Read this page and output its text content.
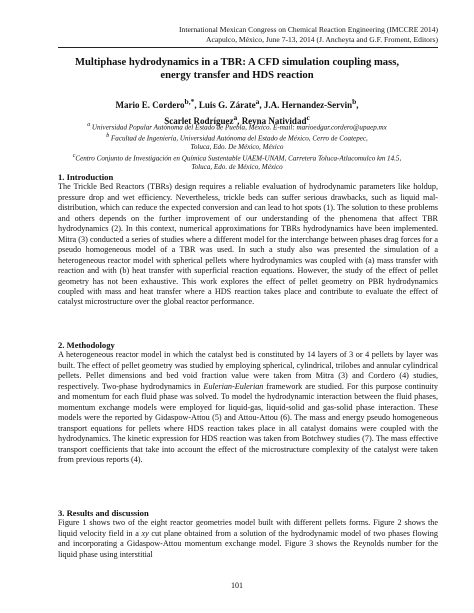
International Mexican Congress on Chemical Reaction Engineering (IMCCRE 2014)
Acapulco, México, June 7-13, 2014 (J. Ancheyta and G.F. Froment, Editors)
Multiphase hydrodynamics in a TBR: A CFD simulation coupling mass,
energy transfer and HDS reaction
Mario E. Cordero$^{b,*}$, Luis G. Zárate$^a$, J.A. Hernandez-Servin$^b$,
Scarlet Rodríguez$^a$, Reyna Natividad$^c$

$^a$ Universidad Popular Autónoma del Estado de Puebla, México. E-mail: marioedgar.cordero@upaep.mx

$^b$ Facultad de Ingeniería, Universidad Autónoma del Estado de México, Cerro de Coatepec,

Toluca, Edo. De México, México

$^c$Centro Conjunto de Investigación en Química Sustentable UAEM-UNAM, Carretera Toluca-Atlacomulco km 14.5,

Toluca, Edo. de México, México

1. Introduction

The Trickle Bed Reactors (TBRs) design requires a reliable evaluation of hydrodynamic parameters like holdup, pressure drop and wet efficiency. Nevertheless, trickle beds can suffer serious drawbacks, such as liquid mal-distribution, which can reduce the expected conversion and can lead to hot spots (1). The solution to these problems and others depends on the further improvement of our understanding of the phenomena that affect TBR hydrodynamics (2). In this context, numerical approximations for TBRs hydrodynamics have been implemented. Mitra (3) conducted a series of studies where a different model for the interchange between phases drag forces for a pseudo homogeneous model of a TBR was used. In such a study also was presented the simulation of a heterogeneous reactor model with spherical pellets where hydrodynamics was coupled with (a) mass transfer with reaction and with (b) heat transfer with superficial reaction equations. However, the study of the effect of pellet geometry has not been exhaustive. This work explores the effect of pellet geometry on PBR hydrodynamics coupled with mass and heat transfer where a HDS reaction takes place and contribute to evaluate the effect of catalyst microstructure over the global reactor performance.

2. Methodology

A heterogeneous reactor model in which the catalyst bed is constituted by 14 layers of 3 or 4 pellets by layer was built. The effect of pellet geometry was studied by employing spherical, cylindrical, trilobes and annular cylindrical pellets. Pellet dimensions and bed void fraction value were taken from Mitra (3) and Cordero (4) studies, respectively. Two-phase hydrodynamics in Eulerian-Eulerian framework are studied. For this purpose continuity and momentum for each fluid phase was solved. To model the hydrodynamic interaction between the fluid phases, momentum exchange models were employed for liquid-gas, liquid-solid and gas-solid phase interaction. These models were the reported by Gidaspow-Attou (5) and Attou-Attou (6). The mass and energy pseudo homogeneous transport equations for pellets where HDS reaction takes place in all catalyst domains were coupled with the hydrodynamics. The kinetic expression for HDS reaction was taken from Botchwey studies (7). The mass effective transport coefficients that take into account the effect of the microstructure complexity of the catalyst were taken from previous reports (4).

3. Results and discussion

Figure 1 shows two of the eight reactor geometries model built with different pellets forms. Figure 2 shows the liquid velocity field in a xy cut plane obtained from a solution of the hydrodynamic model of two phases flowing and incorporating a Gidaspow-Attou momentum exchange model. Figure 3 shows the Reynolds number for the liquid phase using interstitial

101
